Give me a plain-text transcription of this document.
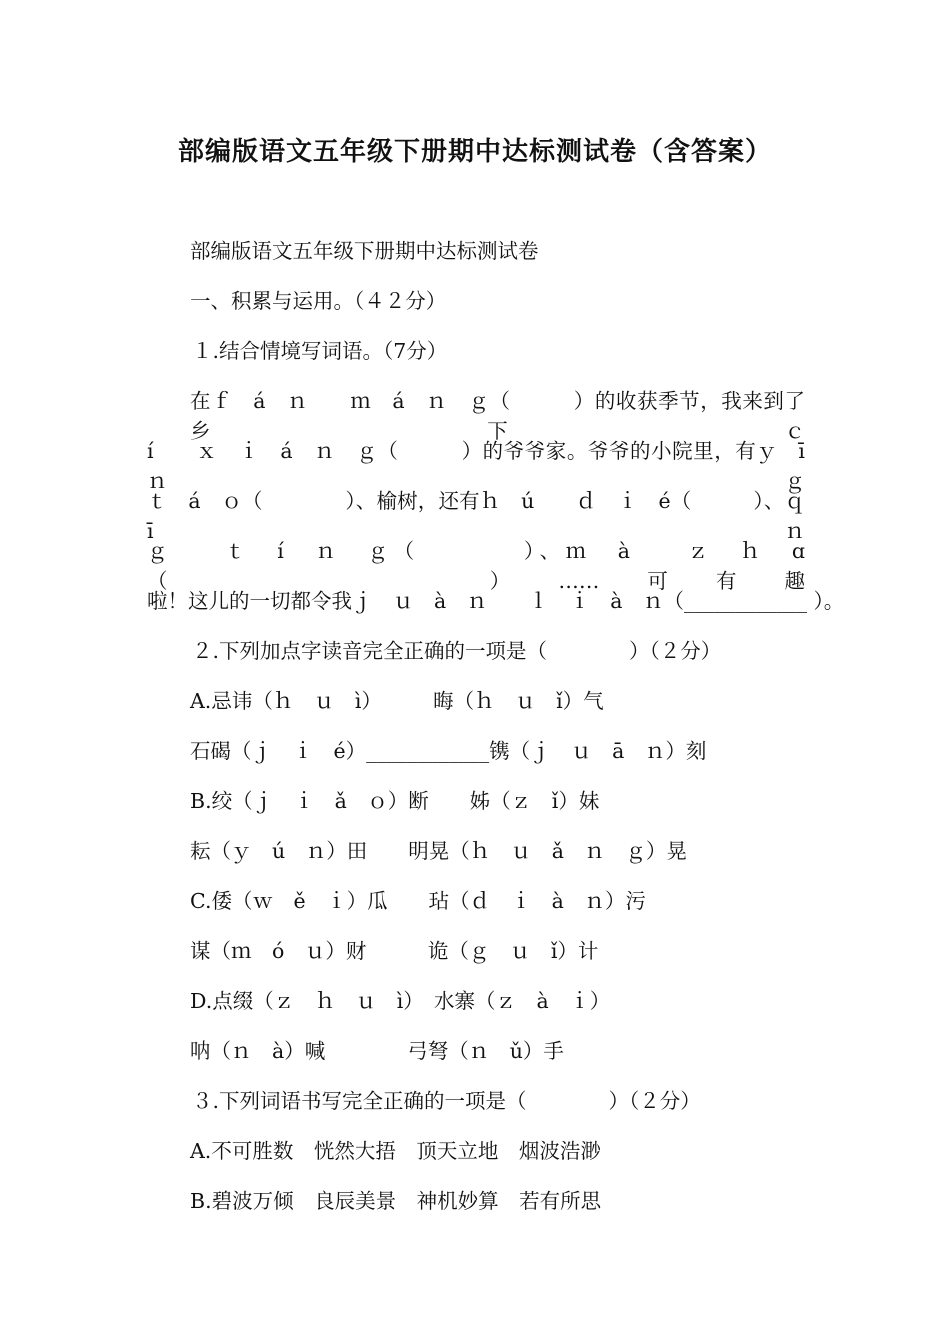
部编版语文五年级下册期中达标测试卷（含答案）

部编版语文五年级下册期中达标测试卷

一、积累与运用。（４２分）

１.结合情境写词语。（7分）

在ｆ　á　ｎ　　ｍ　á　ｎ　ｇ（　　　）的收获季节，我来到了乡下ｃ

í　　ｘ　ｉ　á　ｎ　ｇ（　　　）的爷爷家。爷爷的小院里，有ｙ　ī　ｎ　ｇ

ｔ　á　ｏ（　　　　）、榆树，还有ｈ　ú　　ｄ　ｉ　é（　　　）、ｑ　ī　ｎ

ｇ　　ｔ　í　ｎ　ｇ（　　　　）、ｍ　à　　ｚ　ｈ　ɑ（　　　　）……可有趣

啦！这儿的一切都令我ｊ　ｕ　à　ｎ　　ｌ　ｉ　à　ｎ（____________ ）。

２.下列加点字读音完全正确的一项是（　　　　）（２分）

A.忌讳（ｈ　ｕ　ì）　　　晦（ｈ　ｕ　ǐ）气

石碣（ｊ　ｉ　é）____________镌（ｊ　ｕ　ā　ｎ）刻

B.绞（ｊ　ｉ　ǎ　ｏ）断　　姊（ｚ　ǐ）妹

耘（ｙ　ú　ｎ）田　　明晃（ｈ　ｕ　ǎ　ｎ　ｇ）晃

C.倭（ｗ　ě　ｉ）瓜　　玷（ｄ　ｉ　à　ｎ）污

谋（ｍ　ó　ｕ）财　　　诡（ｇ　ｕ　ǐ）计

D.点缀（ｚ　ｈ　ｕ　ì）　水寨（ｚ　à　ｉ）

呐（ｎ　à）喊　　　　弓弩（ｎ　ǔ）手

３.下列词语书写完全正确的一项是（　　　　）（２分）

A.不可胜数　恍然大捂　顶天立地　烟波浩渺

B.碧波万倾　良辰美景　神机妙算　若有所思
